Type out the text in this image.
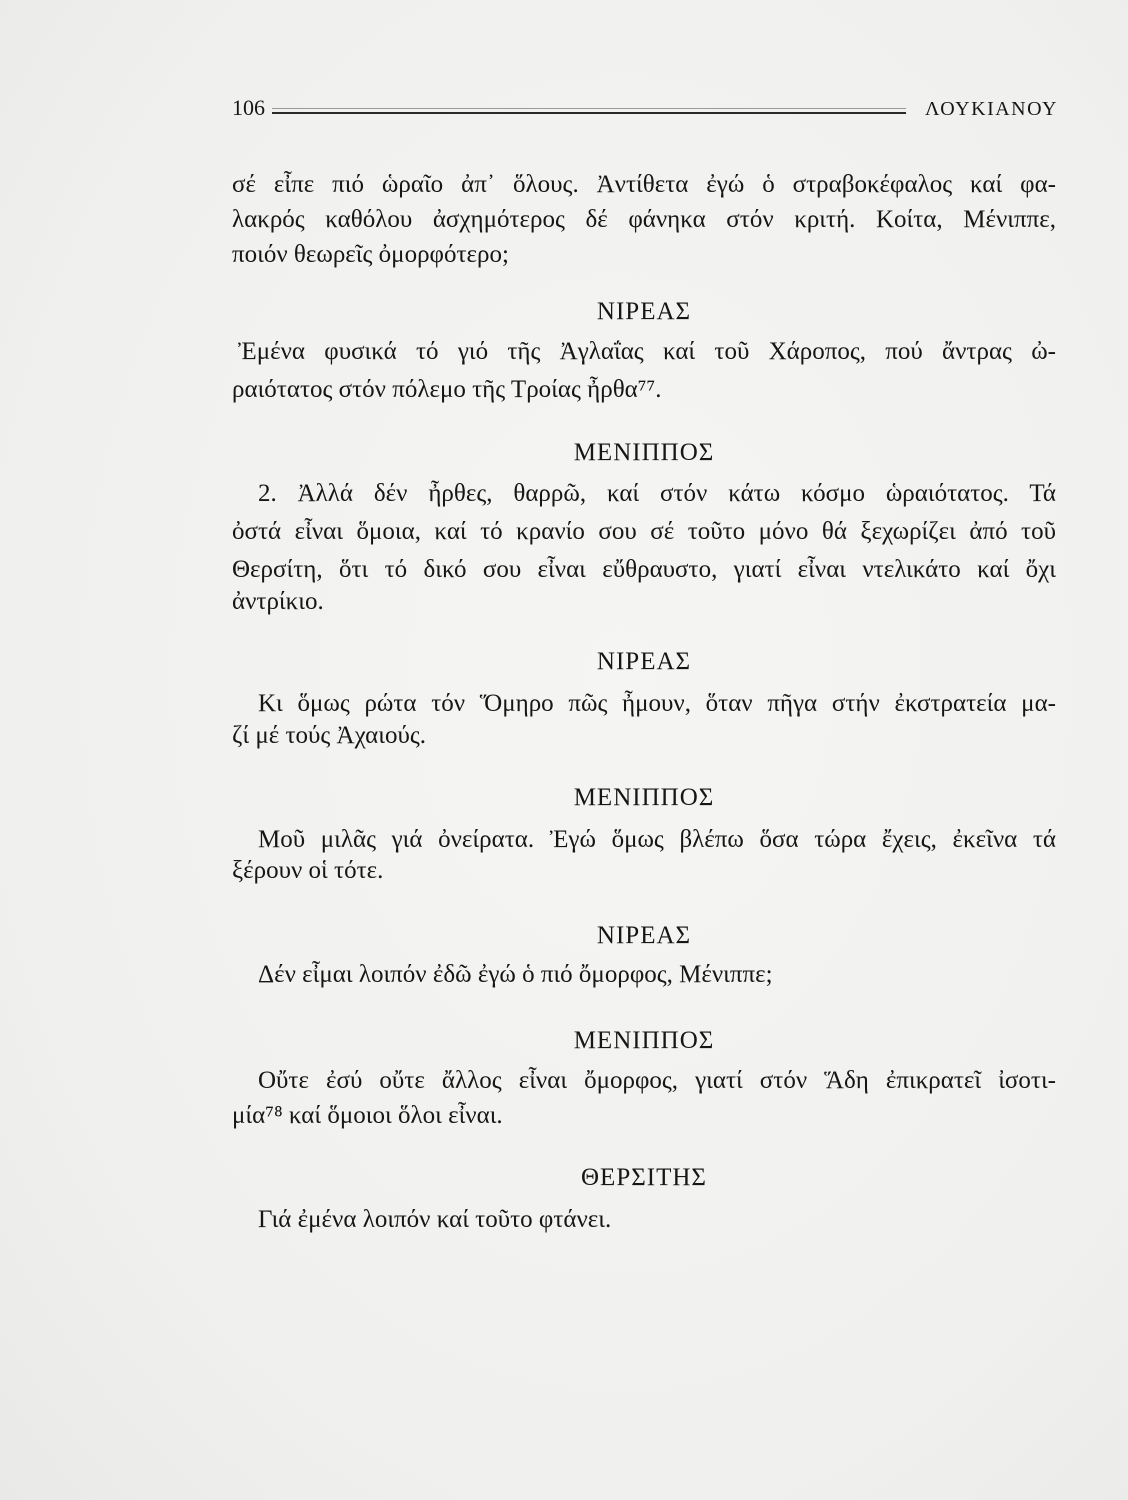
106	ΛΟΥΚΙΑΝΟΥ
σέ εἶπε πιό ὡραῖο ἀπ᾽ ὅλους. Ἀντίθετα ἐγώ ὁ στραβοκέφαλος καί φα-
λακρός καθόλου ἀσχημότερος δέ φάνηκα στόν κριτή. Κοίτα, Μένιππε,
ποιόν θεωρεῖς ὀμορφότερο;
ΝΙΡΕΑΣ
Ἐμένα φυσικά τό γιό τῆς Ἀγλαΐας καί τοῦ Χάροπος, πού ἄντρας ὠ-
ραιότατος στόν πόλεμο τῆς Τροίας ἦρθα⁷⁷.
ΜΕΝΙΠΠΟΣ
2. Ἀλλά δέν ἦρθες, θαρρῶ, καί στόν κάτω κόσμο ὡραιότατος. Τά
ὀστά εἶναι ὅμοια, καί τό κρανίο σου σέ τοῦτο μόνο θά ξεχωρίζει ἀπό τοῦ
Θερσίτη, ὅτι τό δικό σου εἶναι εὔθραυστο, γιατί εἶναι ντελικάτο καί ὄχι
ἀντρίκιο.
ΝΙΡΕΑΣ
Κι ὅμως ρώτα τόν Ὅμηρο πῶς ἦμουν, ὅταν πῆγα στήν ἐκστρατεία μα-
ζί μέ τούς Ἀχαιούς.
ΜΕΝΙΠΠΟΣ
Μοῦ μιλᾶς γιά ὀνείρατα. Ἐγώ ὅμως βλέπω ὅσα τώρα ἔχεις, ἐκεῖνα τά
ξέρουν οἱ τότε.
ΝΙΡΕΑΣ
Δέν εἶμαι λοιπόν ἐδῶ ἐγώ ὁ πιό ὄμορφος, Μένιππε;
ΜΕΝΙΠΠΟΣ
Οὔτε ἐσύ οὔτε ἄλλος εἶναι ὄμορφος, γιατί στόν Ἅδη ἐπικρατεῖ ἰσοτι-
μία⁷⁸ καί ὅμοιοι ὅλοι εἶναι.
ΘΕΡΣΙΤΗΣ
Γιά ἐμένα λοιπόν καί τοῦτο φτάνει.
